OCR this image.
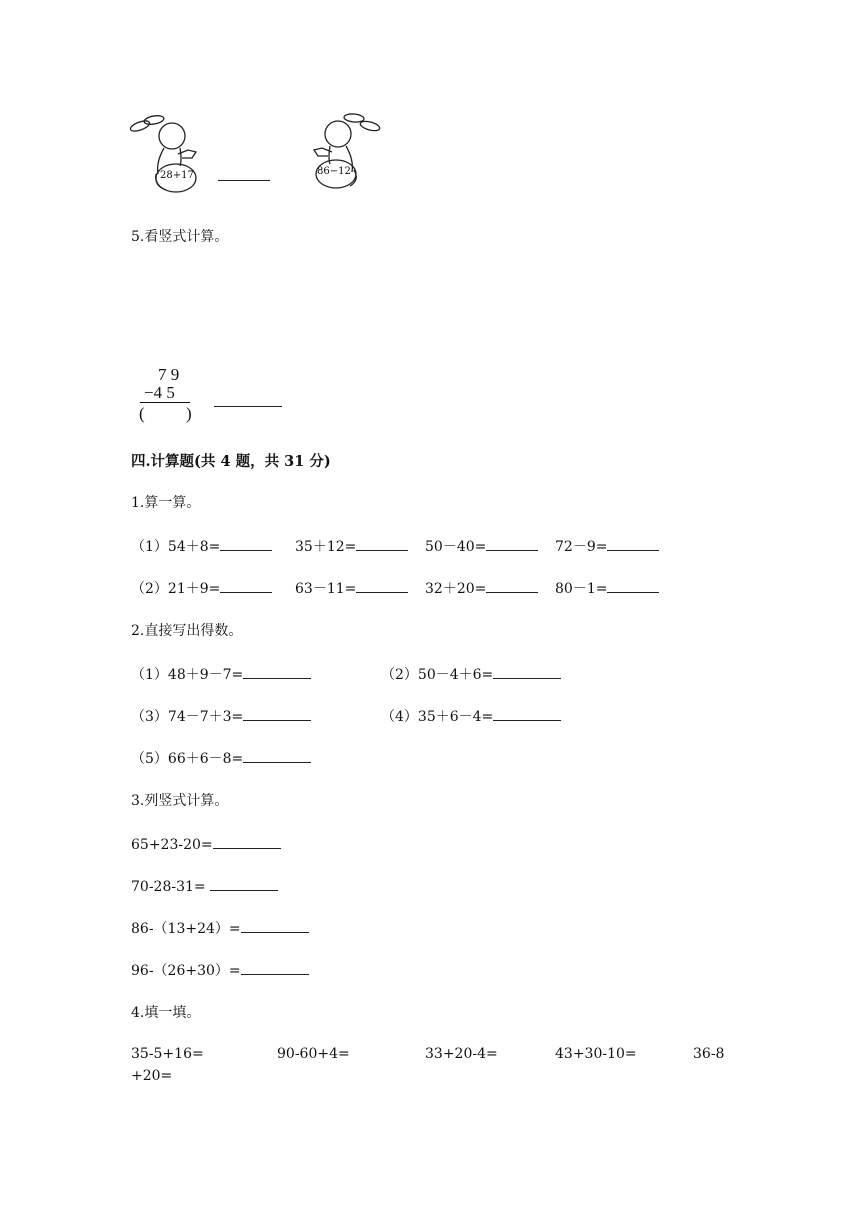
28+17	86−12
5.看竖式计算。
7 9
−4 5
( )
四.计算题(共 4 题，共 31 分)
1.算一算。
（1）54＋8=	35＋12=	50－40=	72－9=
（2）21＋9=	63－11=	32＋20=	80－1=
2.直接写出得数。
（1）48＋9－7=	（2）50－4＋6=
（3）74－7＋3=	（4）35＋6－4=
（5）66＋6－8=
3.列竖式计算。
65+23-20=
70-28-31=
86-（13+24）=
96-（26+30）=
4.填一填。
35-5+16=	90-60+4=	33+20-4=	43+30-10=	36-8
+20=
